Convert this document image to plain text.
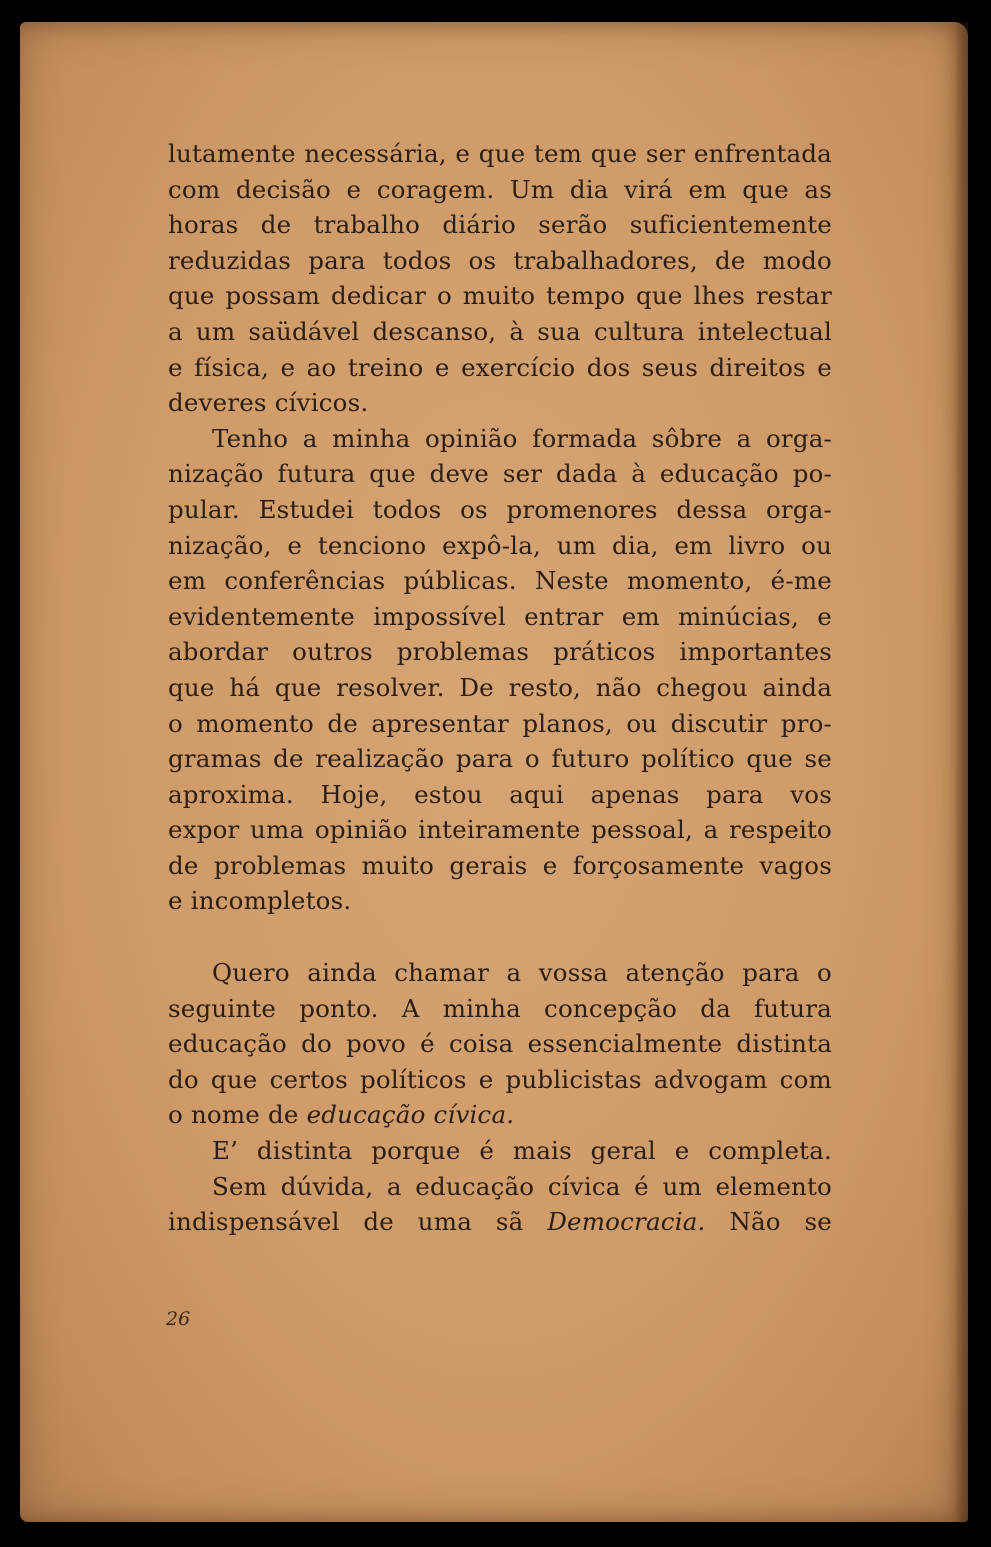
lutamente necessária, e que tem que ser enfrentada
com decisão e coragem. Um dia virá em que as
horas de trabalho diário serão suficientemente
reduzidas para todos os trabalhadores, de modo
que possam dedicar o muito tempo que lhes restar
a um saüdável descanso, à sua cultura intelectual
e física, e ao treino e exercício dos seus direitos e
deveres cívicos.

Tenho a minha opinião formada sôbre a orga-
nização futura que deve ser dada à educação po-
pular. Estudei todos os promenores dessa orga-
nização, e tenciono expô-la, um dia, em livro ou
em conferências públicas. Neste momento, é-me
evidentemente impossível entrar em minúcias, e
abordar outros problemas práticos importantes
que há que resolver. De resto, não chegou ainda
o momento de apresentar planos, ou discutir pro-
gramas de realização para o futuro político que se
aproxima. Hoje, estou aqui apenas para vos
expor uma opinião inteiramente pessoal, a respeito
de problemas muito gerais e forçosamente vagos
e incompletos.

Quero ainda chamar a vossa atenção para o
seguinte ponto. A minha concepção da futura
educação do povo é coisa essencialmente distinta
do que certos políticos e publicistas advogam com
o nome de educação cívica.

E’ distinta porque é mais geral e completa.

Sem dúvida, a educação cívica é um elemento
indispensável de uma sã Democracia. Não se

26
